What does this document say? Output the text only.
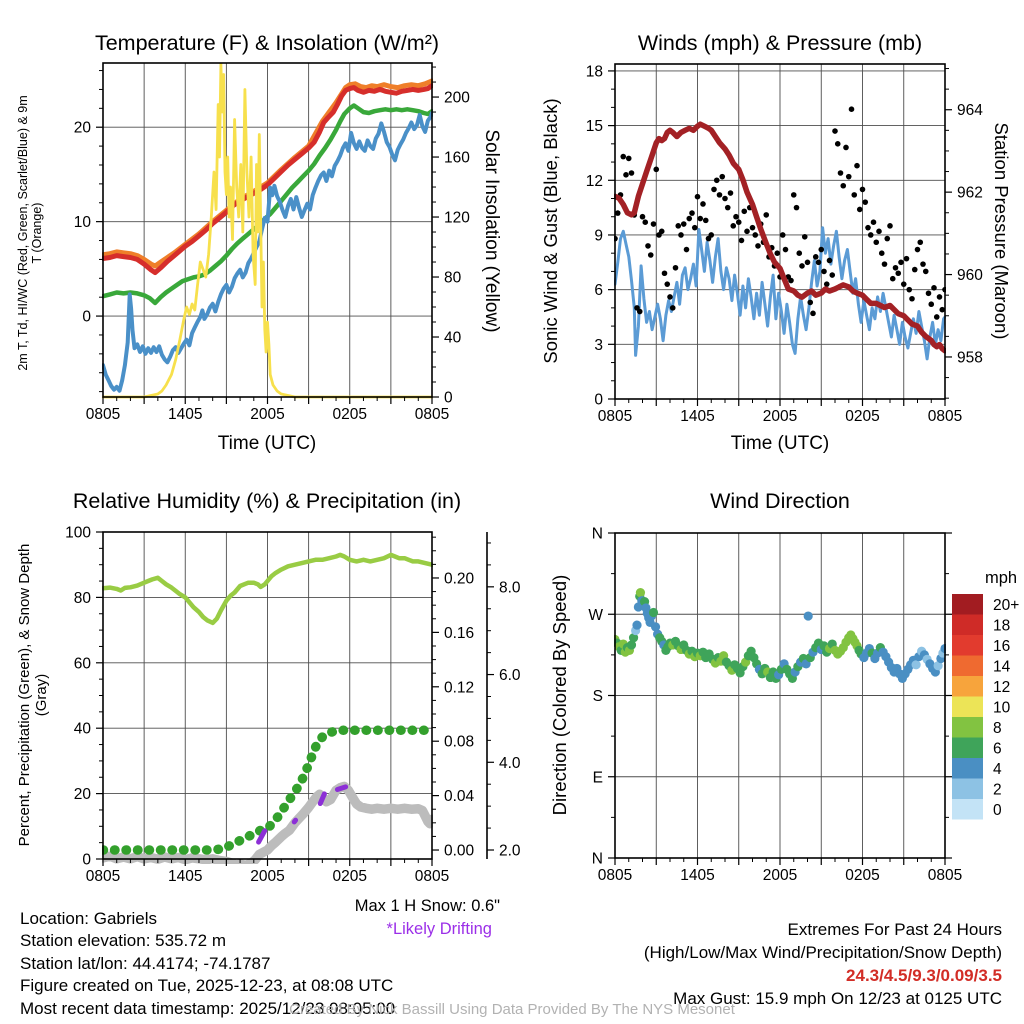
0805	1405	2005	0205	0805
0
10
20
0
40
80
120
160
200
0805	1405	2005	0205	0805
0
3
6
9
12
15
18
958
960
962
964
0805	1405	2005	0205	0805
0
20
40
60
80
100
0.00
0.04
0.08
0.12
0.16
0.20
2.0
4.0
6.0
8.0
0805	1405	2005	0205	0805
N
E
S
W
N
20+
18
16
14
12
10
8
6
4
2
0
Temperature (F) & Insolation (W/m²)	Winds (mph) & Pressure (mb)
Relative Humidity (%) & Precipitation (in)	Wind Direction
2m T, Td, HI/WC (Red, Green, Scarlet/Blue) & 9m T (Orange)	Solar Insolation (Yellow) Sonic Wind & Gust (Blue, Black)	Station Pressure (Maroon)
Percent, Precipitation (Green), & Snow Depth (Gray)	Direction (Colored By Speed)
Time (UTC)	Time (UTC)
mph
Location: Gabriels
Station elevation: 535.72 m
Station lat/lon: 44.4174; -74.1787
Figure created on Tue, 2025-12-23, at 08:08 UTC
Most recent data timestamp: 2025/12/23 08:05:00
Max 1 H Snow: 0.6"
*Likely Drifting	Extremes For Past 24 Hours
(High/Low/Max Wind/Precipitation/Snow Depth)
24.3/4.5/9.3/0.09/3.5
Max Gust: 15.9 mph On 12/23 at 0125 UTC
Created By Nick Bassill Using Data Provided By The NYS Mesonet
